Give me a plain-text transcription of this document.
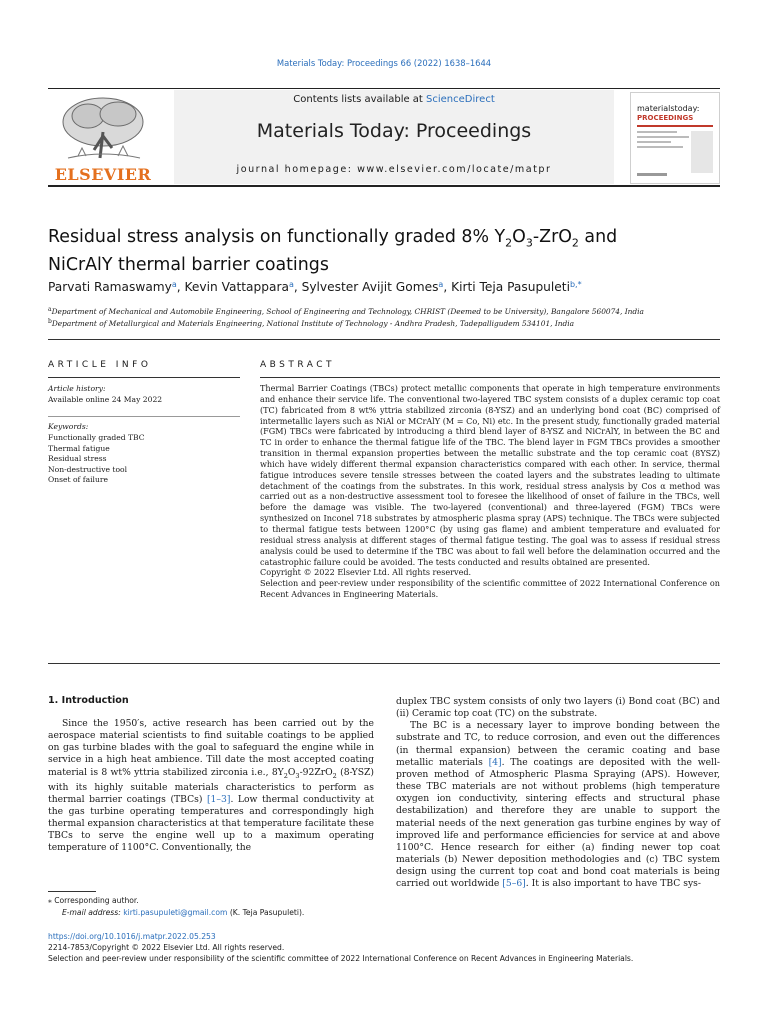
Materials Today: Proceedings 66 (2022) 1638–1644
Contents lists available at ScienceDirect
Materials Today: Proceedings
journal homepage: www.elsevier.com/locate/matpr
ELSEVIER
materialstoday:
PROCEEDINGS
Residual stress analysis on functionally graded 8% $Y_2O_3-ZrO_2$ and
NiCrAlY thermal barrier coatings
Parvati Ramaswamy$^a$, Kevin Vattappara$^a$, Sylvester Avijit Gomes$^a$, Kirti Teja Pasupuleti$^{b,*}$
$^a$Department of Mechanical and Automobile Engineering, School of Engineering and Technology, CHRIST (Deemed to be University), Bangalore 560074, India
$^b$Department of Metallurgical and Materials Engineering, National Institute of Technology - Andhra Pradesh, Tadepalligudem 534101, India
ARTICLE INFO
Article history:
Available online 24 May 2022
Keywords:
Functionally graded TBC
Thermal fatigue
Residual stress
Non-destructive tool
Onset of failure
ABSTRACT

Thermal Barrier Coatings (TBCs) protect metallic components that operate in high temperature environments and enhance their service life. The conventional two-layered TBC system consists of a duplex ceramic top coat (TC) fabricated from 8 wt% yttria stabilized zirconia (8-YSZ) and an underlying bond coat (BC) comprised of intermetallic layers such as NiAl or MCrAlY (M = Co, Ni) etc. In the present study, functionally graded material (FGM) TBCs were fabricated by introducing a third blend layer of 8-YSZ and NiCrAlY, in between the BC and TC in order to enhance the thermal fatigue life of the TBC. The blend layer in FGM TBCs provides a smoother transition in thermal expansion properties between the metallic substrate and the top ceramic coat (8YSZ) which have widely different thermal expansion characteristics compared with each other. In service, thermal fatigue introduces severe tensile stresses between the coated layers and the substrates leading to ultimate detachment of the coatings from the substrates. In this work, residual stress analysis by Cos α method was carried out as a non-destructive assessment tool to foresee the likelihood of onset of failure in the TBCs, well before the damage was visible. The two-layered (conventional) and three-layered (FGM) TBCs were synthesized on Inconel 718 substrates by atmospheric plasma spray (APS) technique. The TBCs were subjected to thermal fatigue tests between 1200°C (by using gas flame) and ambient temperature and evaluated for residual stress analysis at different stages of thermal fatigue testing. The goal was to assess if residual stress analysis could be used to determine if the TBC was about to fail well before the delamination occurred and the catastrophic failure could be avoided. The tests conducted and results obtained are presented.

Copyright © 2022 Elsevier Ltd. All rights reserved.

Selection and peer-review under responsibility of the scientific committee of 2022 International Conference on Recent Advances in Engineering Materials.

1. Introduction

Since the 1950′s, active research has been carried out by the aerospace material scientists to find suitable coatings to be applied on gas turbine blades with the goal to safeguard the engine while in service in a high heat ambience. Till date the most accepted coating material is 8 wt% yttria stabilized zirconia i.e., $8Y_2O_3-92ZrO_2$ (8-YSZ) with its highly suitable materials characteristics to perform as thermal barrier coatings (TBCs) [1–3]. Low thermal conductivity at the gas turbine operating temperatures and correspondingly high thermal expansion characteristics at that temperature facilitate these TBCs to serve the engine well up to a maximum operating temperature of 1100°C. Conventionally, the

duplex TBC system consists of only two layers (i) Bond coat (BC) and (ii) Ceramic top coat (TC) on the substrate.

The BC is a necessary layer to improve bonding between the substrate and TC, to reduce corrosion, and even out the differences (in thermal expansion) between the ceramic coating and base metallic materials [4]. The coatings are deposited with the well-proven method of Atmospheric Plasma Spraying (APS). However, these TBC materials are not without problems (high temperature oxygen ion conductivity, sintering effects and structural phase destabilization) and therefore they are unable to support the material needs of the next generation gas turbine engines by way of improved life and performance efficiencies for service at and above 1100°C. Hence research for either (a) finding newer top coat materials (b) Newer deposition methodologies and (c) TBC system design using the current top coat and bond coat materials is being carried out worldwide [5–6]. It is also important to have TBC sys-

⁎ Corresponding author.
E-mail address: kirti.pasupuleti@gmail.com (K. Teja Pasupuleti).
https://doi.org/10.1016/j.matpr.2022.05.253
2214-7853/Copyright © 2022 Elsevier Ltd. All rights reserved.
Selection and peer-review under responsibility of the scientific committee of 2022 International Conference on Recent Advances in Engineering Materials.
